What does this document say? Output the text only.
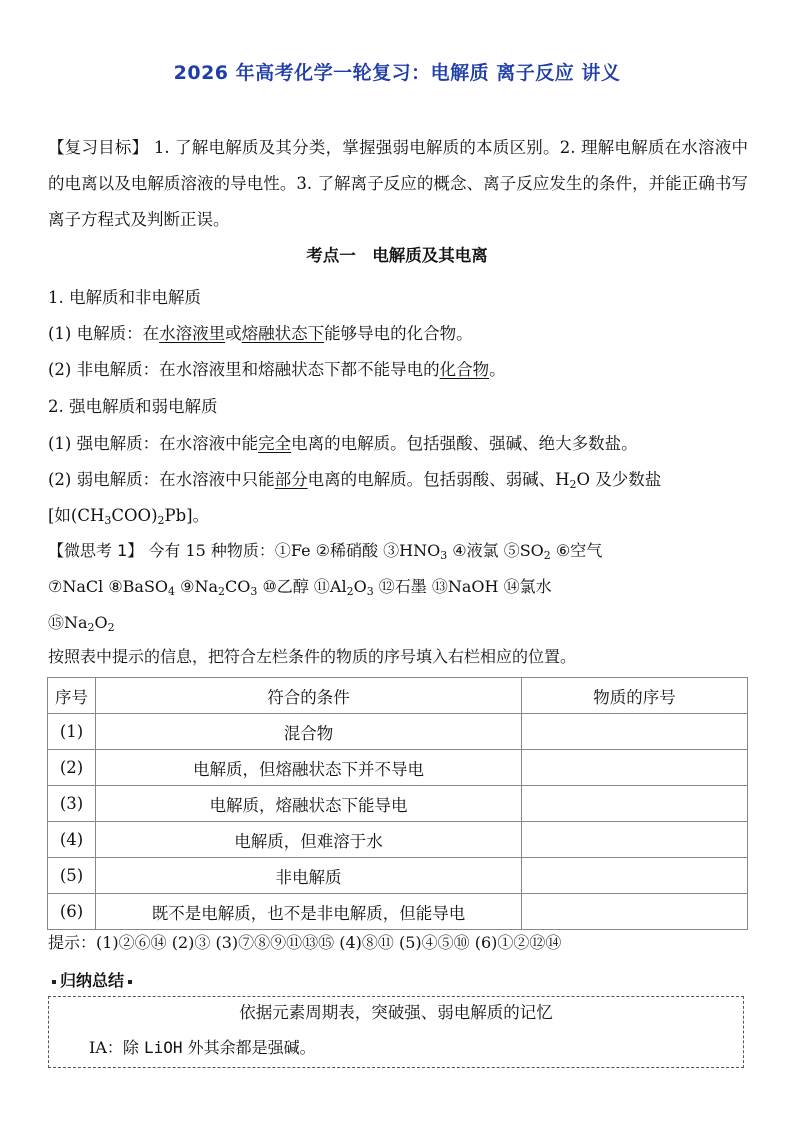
2026 年高考化学一轮复习：电解质 离子反应 讲义
【复习目标】 1. 了解电解质及其分类，掌握强弱电解质的本质区别。2. 理解电解质在水溶液中的电离以及电解质溶液的导电性。3. 了解离子反应的概念、离子反应发生的条件，并能正确书写离子方程式及判断正误。
考点一　电解质及其电离
1. 电解质和非电解质
(1) 电解质：在水溶液里或熔融状态下能够导电的化合物。
(2) 非电解质：在水溶液里和熔融状态下都不能导电的化合物。
2. 强电解质和弱电解质
(1) 强电解质：在水溶液中能完全电离的电解质。包括强酸、强碱、绝大多数盐。
(2) 弱电解质：在水溶液中只能部分电离的电解质。包括弱酸、弱碱、$H_2O$ 及少数盐
[如$(CH_3COO)_2Pb$]。
【微思考 1】 今有 15 种物质：①Fe ②稀硝酸 $③HNO_3$ ④液氯 $⑤SO_2$ ⑥空气
⑦NaCl ⑧BaSO$_4$ $⑨Na_2CO_3$ ⑩乙醇 $⑪Al_2O_3$ ⑫石墨 ⑬NaOH ⑭氯水
$⑮Na_2O_2$
按照表中提示的信息，把符合左栏条件的物质的序号填入右栏相应的位置。
序号	符合的条件	物质的序号
(1)	混合物	
(2)	电解质，但熔融状态下并不导电	
(3)	电解质，熔融状态下能导电	
(4)	电解质，但难溶于水	
(5)	非电解质	
(6)	既不是电解质，也不是非电解质，但能导电	
提示：(1)②⑥⑭ (2)③ (3)⑦⑧⑨⑪⑬⑮ (4)⑧⑪ (5)④⑤⑩ (6)①②⑫⑭
归纳总结
依据元素周期表，突破强、弱电解质的记忆
ⅠA：除 LiOH 外其余都是强碱。
